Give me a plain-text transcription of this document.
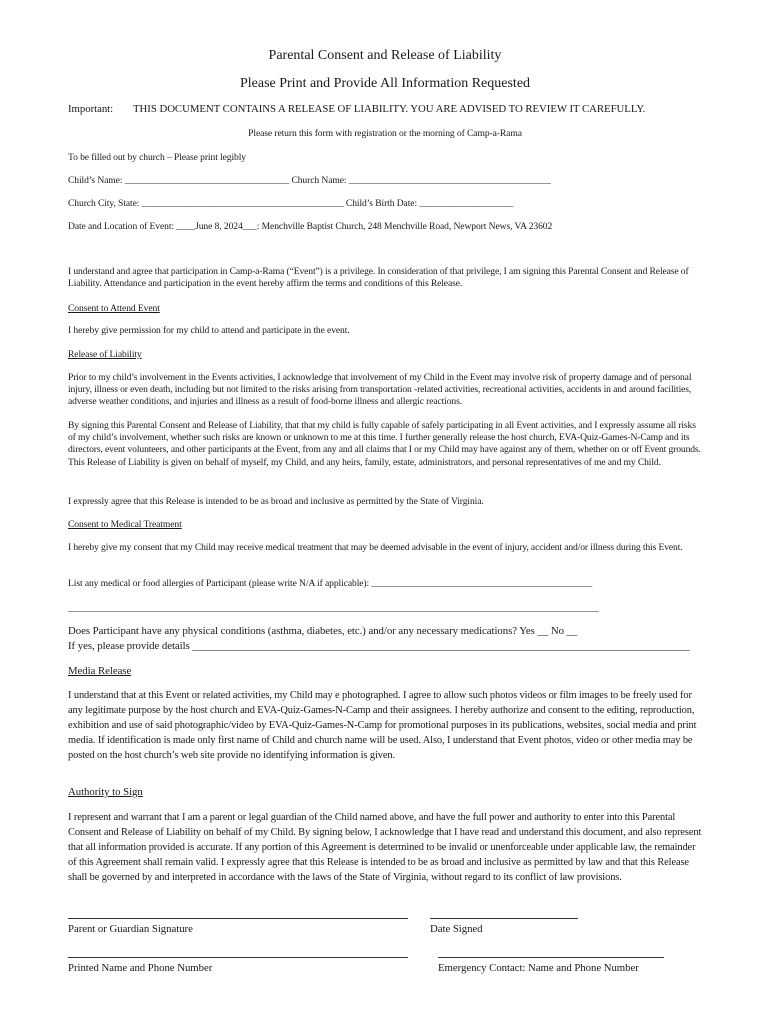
Parental Consent and Release of Liability
Please Print and Provide All Information Requested
Important: THIS DOCUMENT CONTAINS A RELEASE OF LIABILITY. YOU ARE ADVISED TO REVIEW IT CAREFULLY.
Please return this form with registration or the morning of Camp-a-Rama
To be filled out by church – Please print legibly
Child’s Name: ___________________________________ Church Name: ___________________________________________
Church City, State: ___________________________________________ Child’s Birth Date: ____________________
Date and Location of Event: ____June 8, 2024___: Menchville Baptist Church, 248 Menchville Road, Newport News, VA 23602
I understand and agree that participation in Camp-a-Rama (“Event”) is a privilege. In consideration of that privilege, I am signing this Parental Consent and Release of Liability. Attendance and participation in the event hereby affirm the terms and conditions of this Release.
Consent to Attend Event
I hereby give permission for my child to attend and participate in the event.
Release of Liability
Prior to my child’s involvement in the Events activities, I acknowledge that involvement of my Child in the Event may involve risk of property damage and of personal injury, illness or even death, including but not limited to the risks arising from transportation -related activities, recreational activities, accidents in and around facilities, adverse weather conditions, and injuries and illness as a result of food-borne illness and allergic reactions.
By signing this Parental Consent and Release of Liability, that that my child is fully capable of safely participating in all Event activities, and I expressly assume all risks of my child’s involvement, whether such risks are known or unknown to me at this time. I further generally release the host church, EVA-Quiz-Games-N-Camp and its directors, event volunteers, and other participants at the Event, from any and all claims that I or my Child may have against any of them, whether on or off Event grounds. This Release of Liability is given on behalf of myself, my Child, and any heirs, family, estate, administrators, and personal representatives of me and my Child.
I expressly agree that this Release is intended to be as broad and inclusive as permitted by the State of Virginia.
Consent to Medical Treatment
I hereby give my consent that my Child may receive medical treatment that may be deemed advisable in the event of injury, accident and/or illness during this Event.
List any medical or food allergies of Participant (please write N/A if applicable): _______________________________________________
_________________________________________________________________________________________________________________
Does Participant have any physical conditions (asthma, diabetes, etc.) and/or any necessary medications? Yes __ No __
If yes, please provide details _____________________________________________________________________________________________
Media Release
I understand that at this Event or related activities, my Child may e photographed. I agree to allow such photos videos or film images to be freely used for any legitimate purpose by the host church and EVA-Quiz-Games-N-Camp and their assignees. I hereby authorize and consent to the editing, reproduction, exhibition and use of said photographic/video by EVA-Quiz-Games-N-Camp for promotional purposes in its publications, websites, social media and print media. If identification is made only first name of Child and church name will be used. Also, I understand that Event photos, video or other media may be posted on the host church’s web site provide no identifying information is given.
Authority to Sign
I represent and warrant that I am a parent or legal guardian of the Child named above, and have the full power and authority to enter into this Parental Consent and Release of Liability on behalf of my Child. By signing below, I acknowledge that I have read and understand this document, and also represent that all information provided is accurate. If any portion of this Agreement is determined to be invalid or unenforceable under applicable law, the remainder of this Agreement shall remain valid. I expressly agree that this Release is intended to be as broad and inclusive as permitted by law and that this Release shall be governed by and interpreted in accordance with the laws of the State of Virginia, without regard to its conflict of law provisions.
Parent or Guardian Signature	Date Signed
Printed Name and Phone Number	Emergency Contact: Name and Phone Number
